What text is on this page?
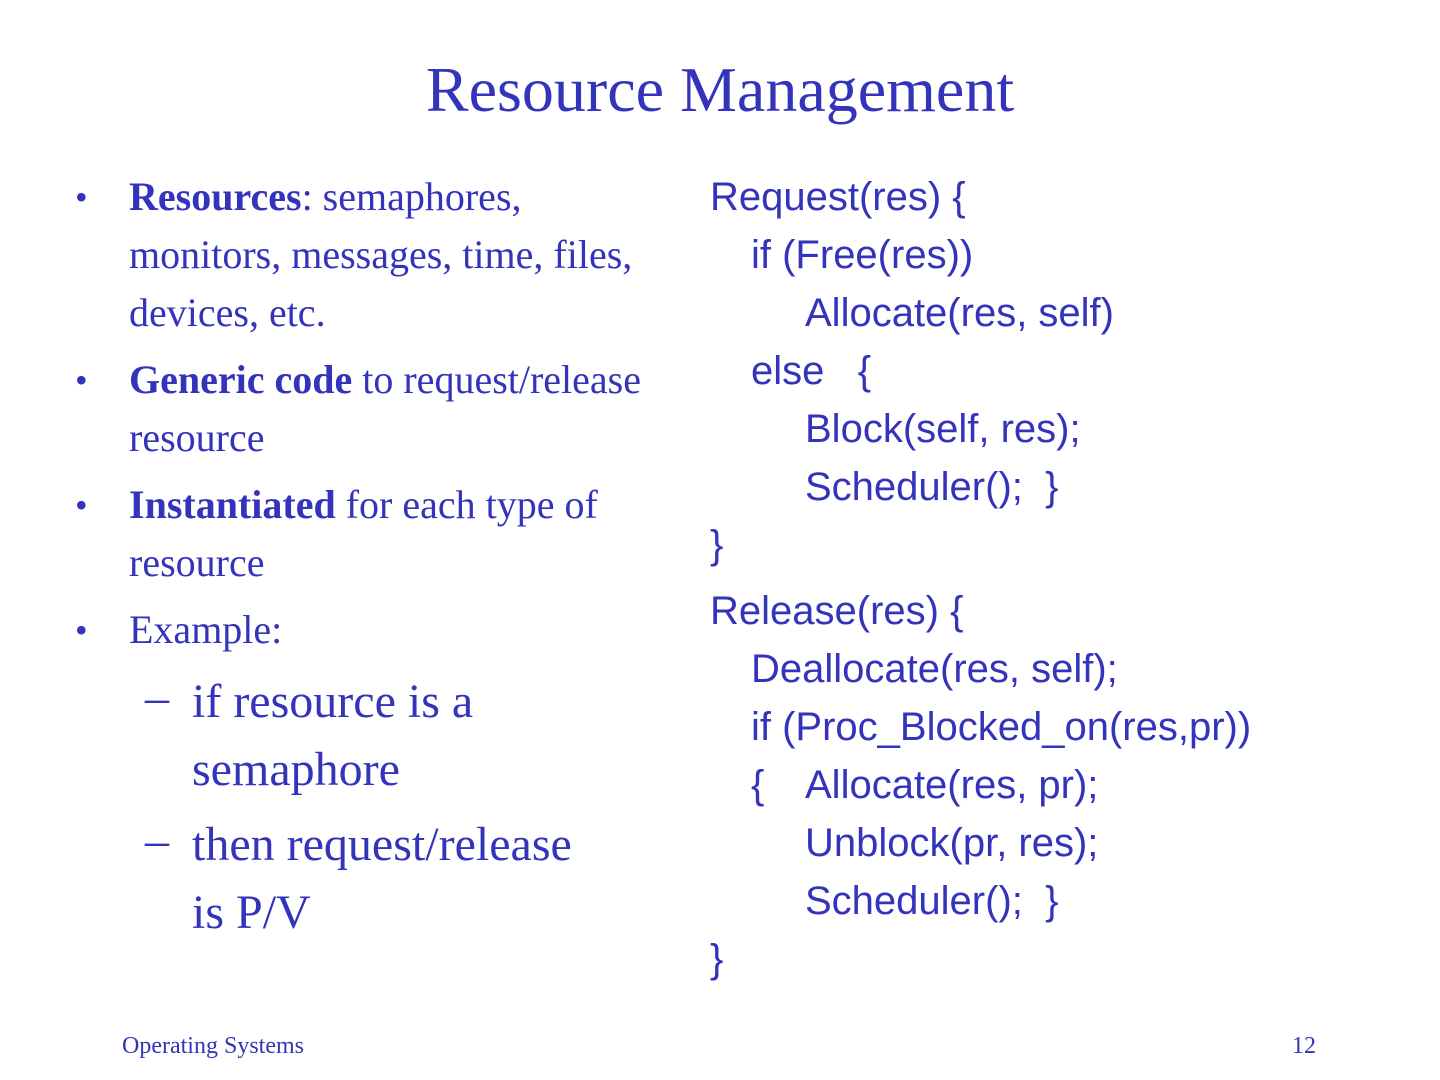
Resource Management
• Resources: semaphores, monitors, messages, time, files, devices, etc.
• Generic code to request/release resource
• Instantiated for each type of resource
• Example:
– if resource is a semaphore
– then request/release is P/V
Request(res) {
if (Free(res))
Allocate(res, self)
else   {
Block(self, res);
Scheduler();  }
}
Release(res) {
Deallocate(res, self);
if (Proc_Blocked_on(res,pr))
{ Allocate(res, pr);
Unblock(pr, res);
Scheduler();  }
}
Operating Systems	12
